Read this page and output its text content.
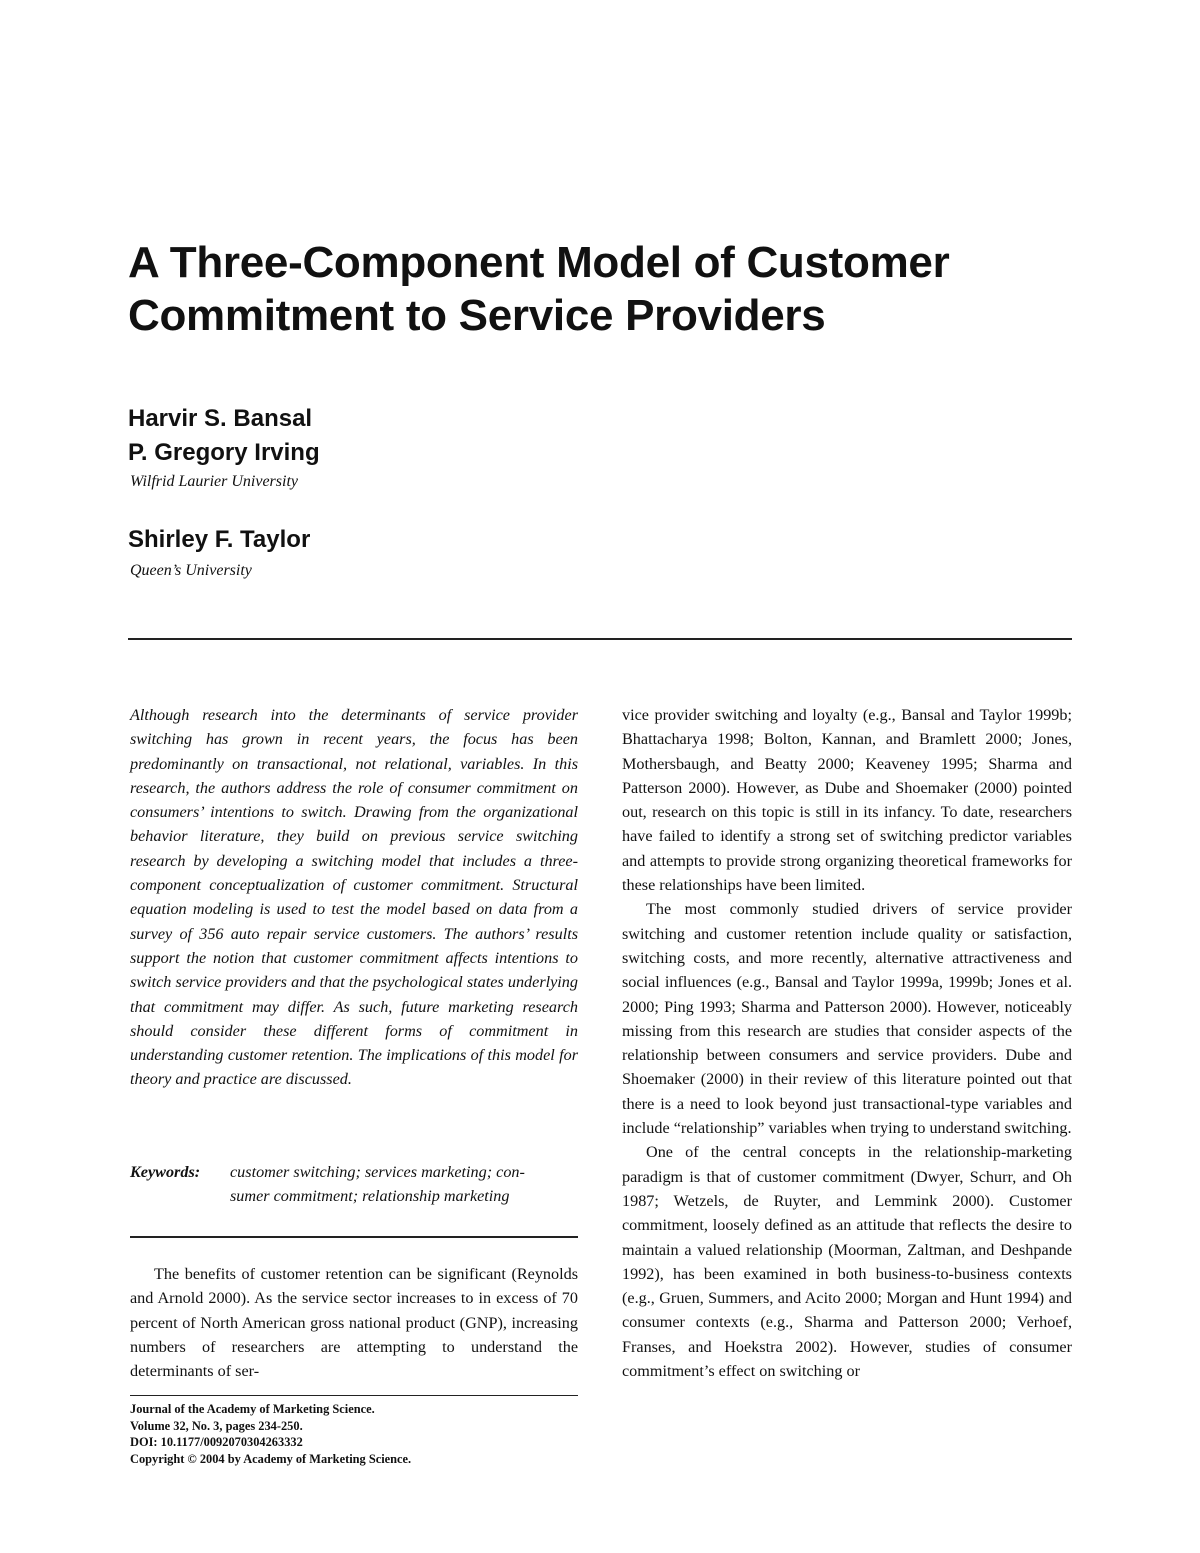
A Three-Component Model of Customer
Commitment to Service Providers
Harvir S. Bansal
P. Gregory Irving
Wilfrid Laurier University
Shirley F. Taylor
Queen’s University
Although research into the determinants of service provider switching has grown in recent years, the focus has been predominantly on transactional, not relational, variables. In this research, the authors address the role of consumer commitment on consumers’ intentions to switch. Drawing from the organizational behavior literature, they build on previous service switching research by developing a switching model that includes a three-component conceptualization of customer commitment. Structural equation modeling is used to test the model based on data from a survey of 356 auto repair service customers. The authors’ results support the notion that customer commitment affects intentions to switch service providers and that the psychological states underlying that commitment may differ. As such, future marketing research should consider these different forms of commitment in understanding customer retention. The implications of this model for theory and practice are discussed.
Keywords: customer switching; services marketing; con-
sumer commitment; relationship marketing

The benefits of customer retention can be significant (Reynolds and Arnold 2000). As the service sector increases to in excess of 70 percent of North American gross national product (GNP), increasing numbers of researchers are attempting to understand the determinants of ser-

Journal of the Academy of Marketing Science.
Volume 32, No. 3, pages 234-250.
DOI: 10.1177/0092070304263332
Copyright © 2004 by Academy of Marketing Science.

vice provider switching and loyalty (e.g., Bansal and Taylor 1999b; Bhattacharya 1998; Bolton, Kannan, and Bramlett 2000; Jones, Mothersbaugh, and Beatty 2000; Keaveney 1995; Sharma and Patterson 2000). However, as Dube and Shoemaker (2000) pointed out, research on this topic is still in its infancy. To date, researchers have failed to identify a strong set of switching predictor variables and attempts to provide strong organizing theoretical frameworks for these relationships have been limited.

The most commonly studied drivers of service provider switching and customer retention include quality or satisfaction, switching costs, and more recently, alternative attractiveness and social influences (e.g., Bansal and Taylor 1999a, 1999b; Jones et al. 2000; Ping 1993; Sharma and Patterson 2000). However, noticeably missing from this research are studies that consider aspects of the relationship between consumers and service providers. Dube and Shoemaker (2000) in their review of this literature pointed out that there is a need to look beyond just transactional-type variables and include “relationship” variables when trying to understand switching.

One of the central concepts in the relationship-marketing paradigm is that of customer commitment (Dwyer, Schurr, and Oh 1987; Wetzels, de Ruyter, and Lemmink 2000). Customer commitment, loosely defined as an attitude that reflects the desire to maintain a valued relationship (Moorman, Zaltman, and Deshpande 1992), has been examined in both business-to-business contexts (e.g., Gruen, Summers, and Acito 2000; Morgan and Hunt 1994) and consumer contexts (e.g., Sharma and Patterson 2000; Verhoef, Franses, and Hoekstra 2002). However, studies of consumer commitment’s effect on switching or
